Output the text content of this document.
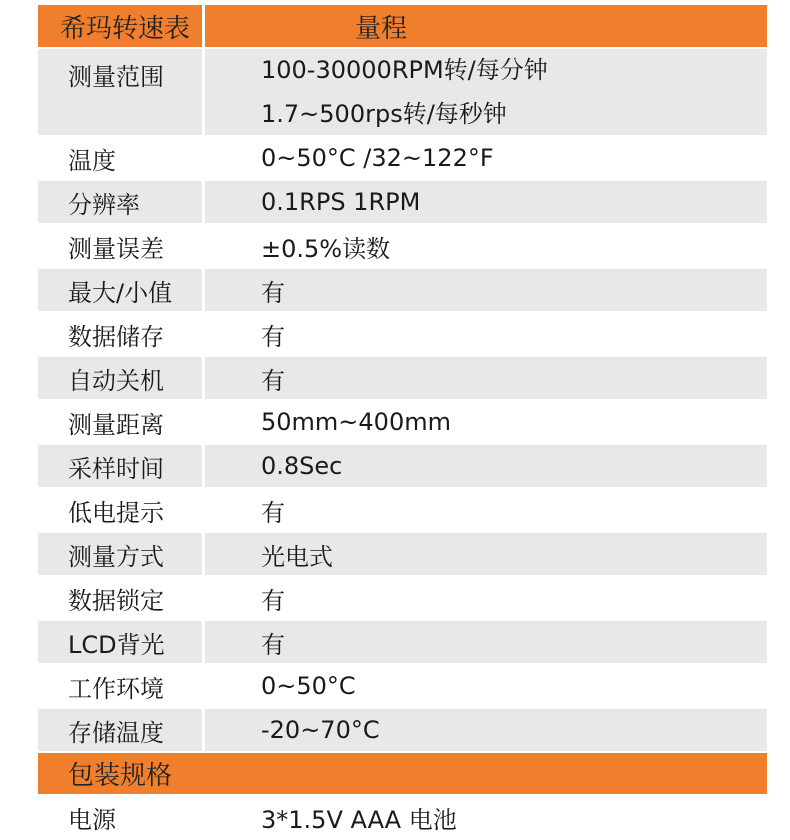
希玛转速表	量程
测量范围	100-30000RPM转/每分钟
1.7~500rps转/每秒钟
温度	0~50°C /32~122°F
分辨率	0.1RPS 1RPM
测量误差	±0.5%读数
最大/小值	有
数据储存	有
自动关机	有
测量距离	50mm~400mm
采样时间	0.8Sec
低电提示	有
测量方式	光电式
数据锁定	有
LCD背光	有
工作环境	0~50°C
存储温度	-20~70°C
包装规格
电源	3*1.5V AAA 电池
